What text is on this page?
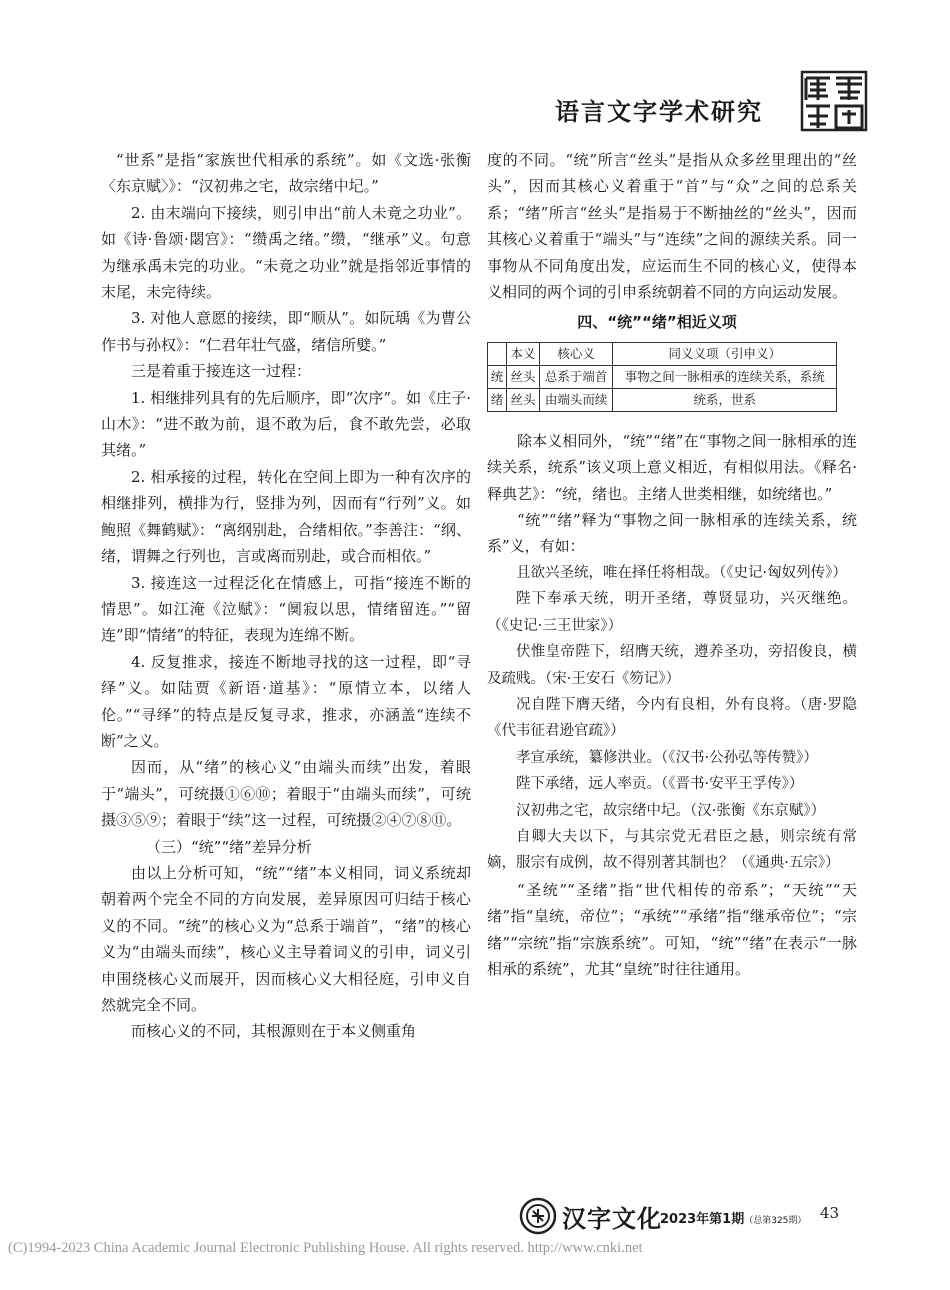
语言文字学术研究

“世系”是指“家族世代相承的系统”。如《文选·张衡〈东京赋〉》：“汉初弗之宅，故宗绪中圮。”

2. 由末端向下接续，则引申出“前人未竟之功业”。如《诗·鲁颂·閟宫》：“缵禹之绪。”缵，“继承”义。句意为继承禹未完的功业。“未竟之功业”就是指邻近事情的末尾，未完待续。

3. 对他人意愿的接续，即“顺从”。如阮瑀《为曹公作书与孙权》：“仁君年壮气盛，绪信所嬖。”

三是着重于接连这一过程：

1. 相继排列具有的先后顺序，即“次序”。如《庄子·山木》：“进不敢为前，退不敢为后，食不敢先尝，必取其绪。”

2. 相承接的过程，转化在空间上即为一种有次序的相继排列，横排为行，竖排为列，因而有“行列”义。如鲍照《舞鹤赋》：“离纲别赴，合绪相依。”李善注：“纲、绪，谓舞之行列也，言或离而别赴，或合而相依。”

3. 接连这一过程泛化在情感上，可指“接连不断的情思”。如江淹《泣赋》：“阒寂以思，情绪留连。”“留连”即“情绪”的特征，表现为连绵不断。

4. 反复推求，接连不断地寻找的这一过程，即“寻绎”义。如陆贾《新语·道基》：“原情立本，以绪人伦。”“寻绎”的特点是反复寻求，推求，亦涵盖“连续不断”之义。

因而，从“绪”的核心义“由端头而续”出发，着眼于“端头”，可统摄①⑥⑩；着眼于“由端头而续”，可统摄③⑤⑨；着眼于“续”这一过程，可统摄②④⑦⑧⑪。

（三）“统”“绪”差异分析

由以上分析可知，“统”“绪”本义相同，词义系统却朝着两个完全不同的方向发展，差异原因可归结于核心义的不同。“统”的核心义为“总系于端首”，“绪”的核心义为“由端头而续”，核心义主导着词义的引申，词义引申围绕核心义而展开，因而核心义大相径庭，引申义自然就完全不同。

而核心义的不同，其根源则在于本义侧重角

度的不同。“统”所言“丝头”是指从众多丝里理出的“丝头”，因而其核心义着重于“首”与“众”之间的总系关系；“绪”所言“丝头”是指易于不断抽丝的“丝头”，因而其核心义着重于“端头”与“连续”之间的源续关系。同一事物从不同角度出发，应运而生不同的核心义，使得本义相同的两个词的引申系统朝着不同的方向运动发展。

四、“统”“绪”相近义项

	本义	核心义	同义义项（引申义）
统	丝头	总系于端首	事物之间一脉相承的连续关系，系统
绪	丝头	由端头而续	统系，世系

除本义相同外，“统”“绪”在“事物之间一脉相承的连续关系，统系”该义项上意义相近，有相似用法。《释名·释典艺》：“统，绪也。主绪人世类相继，如统绪也。”

“统”“绪”释为“事物之间一脉相承的连续关系，统系”义，有如：

且欲兴圣统，唯在择任将相哉。（《史记·匈奴列传》）

陛下奉承天统，明开圣绪，尊贤显功，兴灭继绝。（《史记·三王世家》）

伏惟皇帝陛下，绍膺天统，遵养圣功，旁招俊良，横及疏贱。（宋·王安石《笏记》）

况自陛下膺天绪，今内有良相，外有良将。（唐·罗隐《代韦征君逊官疏》）

孝宣承统，纂修洪业。（《汉书·公孙弘等传赞》）

陛下承绪，远人率贡。（《晋书·安平王孚传》）

汉初弗之宅，故宗绪中圮。（汉·张衡《东京赋》）

自卿大夫以下，与其宗党无君臣之悬，则宗统有常嫡，服宗有成例，故不得别著其制也？（《通典·五宗》）

“圣统”“圣绪”指“世代相传的帝系”；“天统”“天绪”指“皇统，帝位”；“承统”“承绪”指“继承帝位”；“宗绪”“宗统”指“宗族系统”。可知，“统”“绪”在表示“一脉相承的系统”，尤其“皇统”时往往通用。

汉字文化
2023年第1期（总第325期） 43
(C)1994-2023 China Academic Journal Electronic Publishing House. All rights reserved. http://www.cnki.net
